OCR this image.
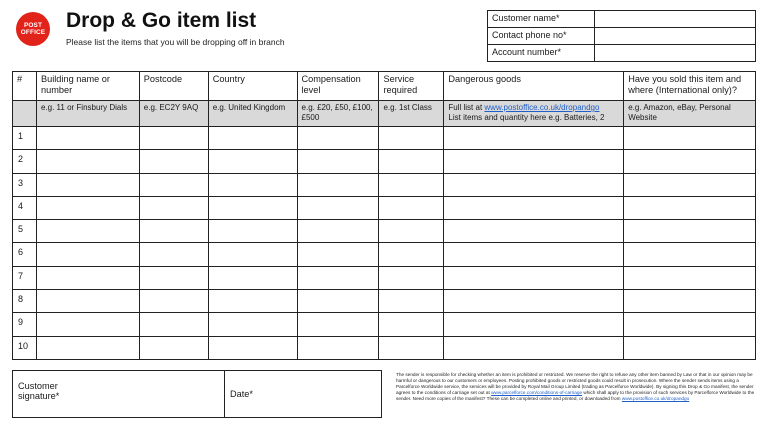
POST
OFFICE
Drop & Go item list
Please list the items that you will be dropping off in branch
Customer name*	
Contact phone no*	
Account number*	
#	Building name or number	Postcode	Country	Compensation level	Service required	Dangerous goods	Have you sold this item and where (International only)?
	e.g. 11 or Finsbury Dials	e.g. EC2Y 9AQ	e.g. United Kingdom	e.g. £20, £50, £100, £500	e.g. 1st Class	Full list at www.postoffice.co.uk/dropandgo
List items and quantity here e.g. Batteries, 2	e.g. Amazon, eBay, Personal Website
1							
2							
3							
4							
5							
6							
7							
8							
9							
10							
Customer signature*	Date*
The sender is responsible for checking whether an item is prohibited or restricted. We reserve the right to refuse any other item banned by Law or that in our opinion may be harmful or dangerous to our customers or employees. Posting prohibited goods or restricted goods could result in prosecution. Where the sender sends items using a Parcelforce Worldwide service, the services will be provided by Royal Mail Group Limited (trading as Parcelforce Worldwide). By signing this Drop & Go manifest, the sender agrees to the conditions of carriage set out at www.parcelforce.com/conditions-of-carriage which shall apply to the provision of such services by Parcelforce Worldwide to the sender. Need more copies of the manifest? These can be completed online and printed, or downloaded from www.postoffice.co.uk/dropandgo
